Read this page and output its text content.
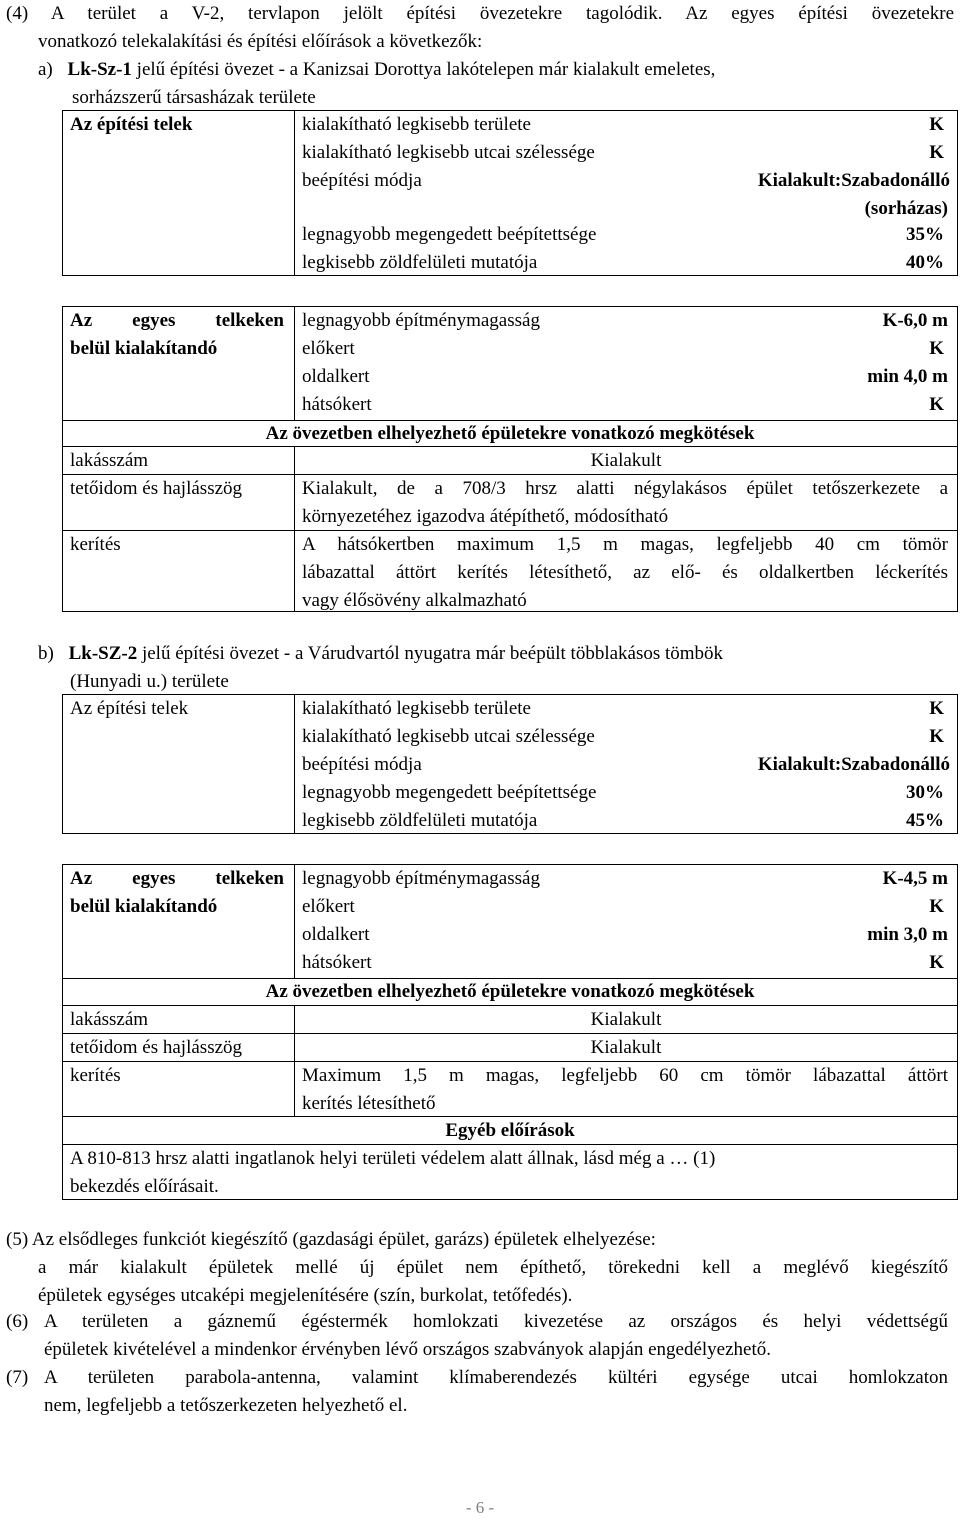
(4) A terület a V-2, tervlapon jelölt építési övezetekre tagolódik. Az egyes építési övezetekre
vonatkozó telekalakítási és építési előírások a következők:
a) Lk-Sz-1 jelű építési övezet - a Kanizsai Dorottya lakótelepen már kialakult emeletes,
sorházszerű társasházak területe
Az építési telek	kialakítható legkisebb területe	K
kialakítható legkisebb utcai szélessége	K
beépítési módja	Kialakult:Szabadonálló
(sorházas)
legnagyobb megengedett beépítettsége	35%
legkisebb zöldfelületi mutatója	40%
Az egyes telkeken
belül kialakítandó
legnagyobb építménymagasság	K-6,0 m
előkert	K
oldalkert	min 4,0 m
hátsókert	K
Az övezetben elhelyezhető épületekre vonatkozó megkötések
lakásszám	Kialakult
tetőidom és hajlásszög	Kialakult, de a 708/3 hrsz alatti négylakásos épület tetőszerkezete a
környezetéhez igazodva átépíthető, módosítható
kerítés	A hátsókertben maximum 1,5 m magas, legfeljebb 40 cm tömör
lábazattal áttört kerítés létesíthető, az elő- és oldalkertben léckerítés
vagy élősövény alkalmazható
b) Lk-SZ-2 jelű építési övezet - a Várudvartól nyugatra már beépült többlakásos tömbök
(Hunyadi u.) területe
Az építési telek	kialakítható legkisebb területe	K
kialakítható legkisebb utcai szélessége	K
beépítési módja	Kialakult:Szabadonálló
legnagyobb megengedett beépítettsége	30%
legkisebb zöldfelületi mutatója	45%
Az egyes telkeken
belül kialakítandó
legnagyobb építménymagasság	K-4,5 m
előkert	K
oldalkert	min 3,0 m
hátsókert	K
Az övezetben elhelyezhető épületekre vonatkozó megkötések
lakásszám	Kialakult
tetőidom és hajlásszög	Kialakult
kerítés	Maximum 1,5 m magas, legfeljebb 60 cm tömör lábazattal áttört
kerítés létesíthető
Egyéb előírások
A 810-813 hrsz alatti ingatlanok helyi területi védelem alatt állnak, lásd még a … (1)
bekezdés előírásait.
(5) Az elsődleges funkciót kiegészítő (gazdasági épület, garázs) épületek elhelyezése:
a már kialakult épületek mellé új épület nem építhető, törekedni kell a meglévő kiegészítő
épületek egységes utcaképi megjelenítésére (szín, burkolat, tetőfedés).
(6) A területen a gáznemű égéstermék homlokzati kivezetése az országos és helyi védettségű
épületek kivételével a mindenkor érvényben lévő országos szabványok alapján engedélyezhető.
(7) A területen parabola-antenna, valamint klímaberendezés kültéri egysége utcai homlokzaton
nem, legfeljebb a tetőszerkezeten helyezhető el.
- 6 -
